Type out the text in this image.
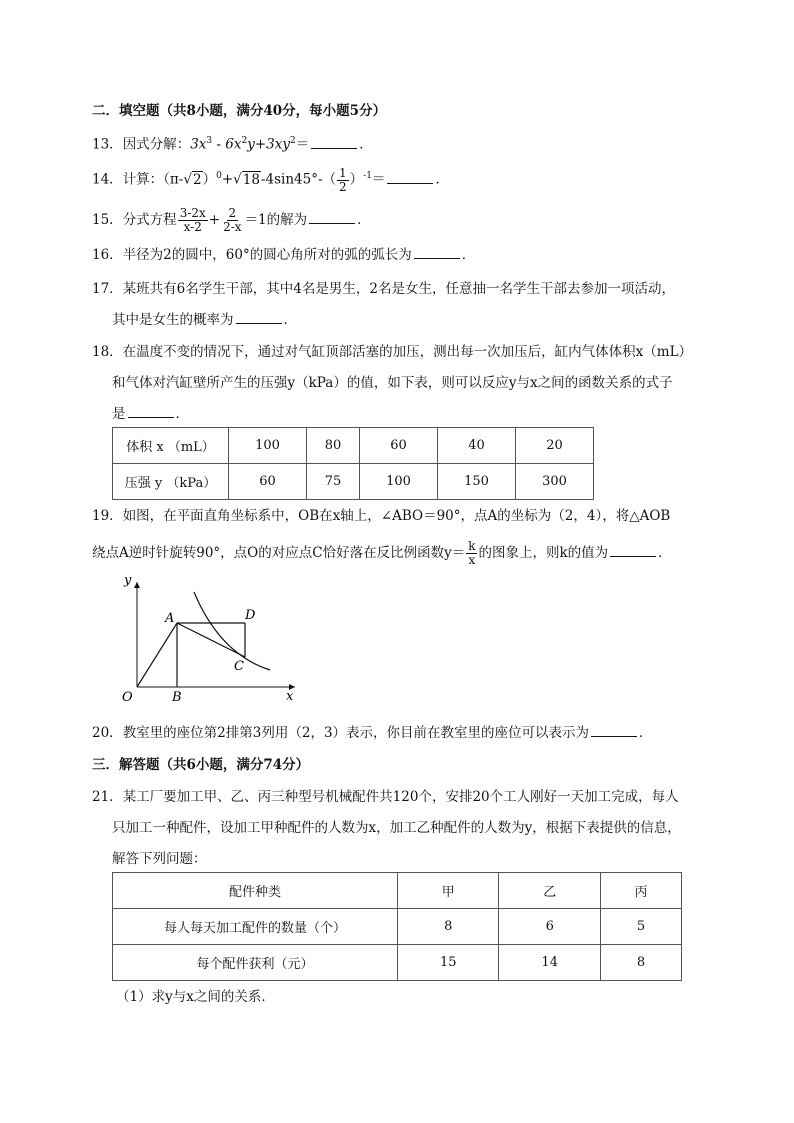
二．填空题（共8小题，满分40分，每小题5分）
13．因式分解：$3x^3 - 6x^2y+3xy^2=$	．
14．计算：$(\pi-√2)^0+√18-4\sin 45^\circ-( \frac{1}{2} )^{-1}=$	．
15．分式方程 $\frac{3-2x}{x-2} + \frac{2}{2-x} =1$的解为	．
16．半径为2的圆中，60°的圆心角所对的弧的弧长为	．
17．某班共有6名学生干部，其中4名是男生，2名是女生，任意抽一名学生干部去参加一项活动，
其中是女生的概率为	．
18．在温度不变的情况下，通过对气缸顶部活塞的加压，测出每一次加压后，缸内气体体积x（mL）
和气体对汽缸壁所产生的压强y（kPa）的值，如下表，则可以反应y与x之间的函数关系的式子
是	．
体积 x （mL）	100	80	60	40	20
压强 y （kPa）	60	75	100	150	300
19．如图，在平面直角坐标系中，OB在x轴上，∠ABO＝90°，点A的坐标为（2，4），将△AOB
绕点A逆时针旋转90°，点O的对应点C恰好落在反比例函数$y= \frac{k}{x}$ 的图象上，则k的值为	．
y
x
O
A
B
C
D
20．教室里的座位第2排第3列用（2，3）表示，你目前在教室里的座位可以表示为	．
三．解答题（共6小题，满分74分）
21．某工厂要加工甲、乙、丙三种型号机械配件共120个，安排20个工人刚好一天加工完成，每人
只加工一种配件，设加工甲种配件的人数为x，加工乙种配件的人数为y，根据下表提供的信息，
解答下列问题：
配件种类	甲	乙	丙
每人每天加工配件的数量（个）	8	6	5
每个配件获利（元）	15	14	8
（1）求y与x之间的关系．
